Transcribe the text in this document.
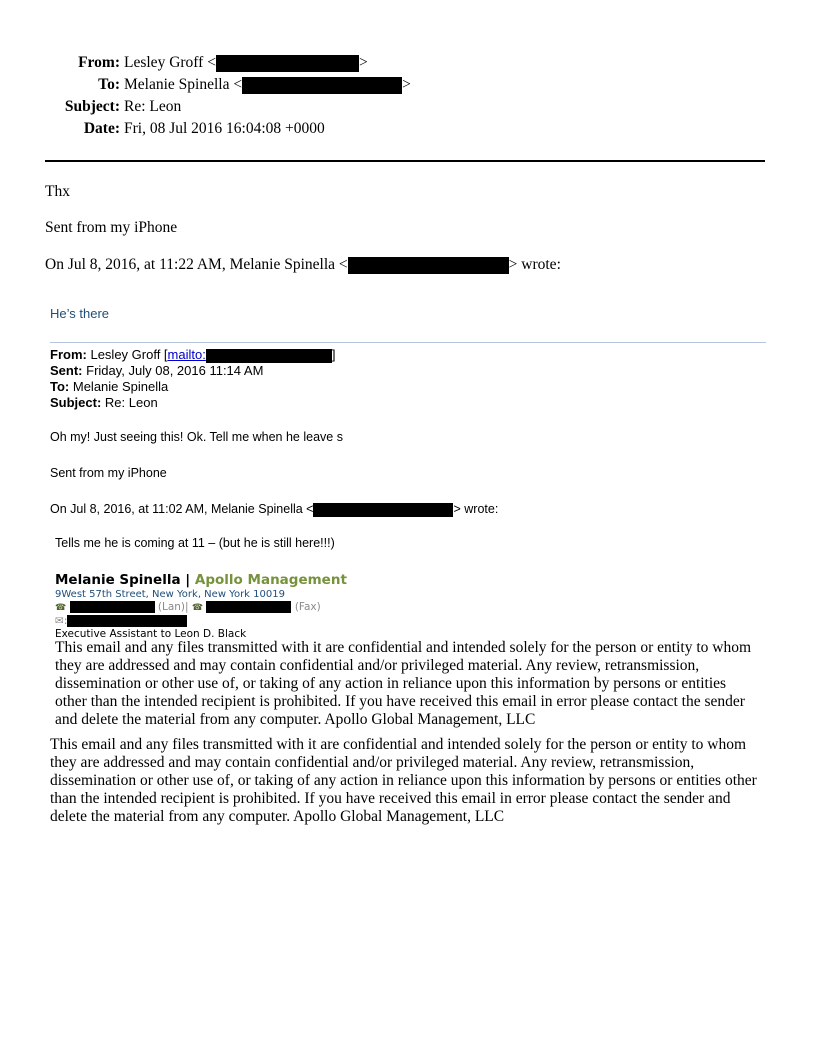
From: Lesley Groff <	>
To: Melanie Spinella <	>
Subject: Re: Leon
Date: Fri, 08 Jul 2016 16:04:08 +0000
Thx
Sent from my iPhone
On Jul 8, 2016, at 11:22 AM, Melanie Spinella <	> wrote:
He’s there
From: Lesley Groff [mailto:	]
Sent: Friday, July 08, 2016 11:14 AM
To: Melanie Spinella
Subject: Re: Leon
Oh my! Just seeing this! Ok. Tell me when he leave s
Sent from my iPhone
On Jul 8, 2016, at 11:02 AM, Melanie Spinella <	> wrote:
Tells me he is coming at 11 – (but he is still here!!!)
Melanie Spinella | Apollo Management
9West 57th Street, New York, New York 10019
☎	(Lan)| ☎	(Fax)
✉:
Executive Assistant to Leon D. Black
This email and any files transmitted with it are confidential and intended solely for the person or entity to whom they are addressed and may contain confidential and/or privileged material. Any review, retransmission, dissemination or other use of, or taking of any action in reliance upon this information by persons or entities other than the intended recipient is prohibited. If you have received this email in error please contact the sender and delete the material from any computer. Apollo Global Management, LLC
This email and any files transmitted with it are confidential and intended solely for the person or entity to whom they are addressed and may contain confidential and/or privileged material. Any review, retransmission, dissemination or other use of, or taking of any action in reliance upon this information by persons or entities other than the intended recipient is prohibited. If you have received this email in error please contact the sender and delete the material from any computer. Apollo Global Management, LLC
